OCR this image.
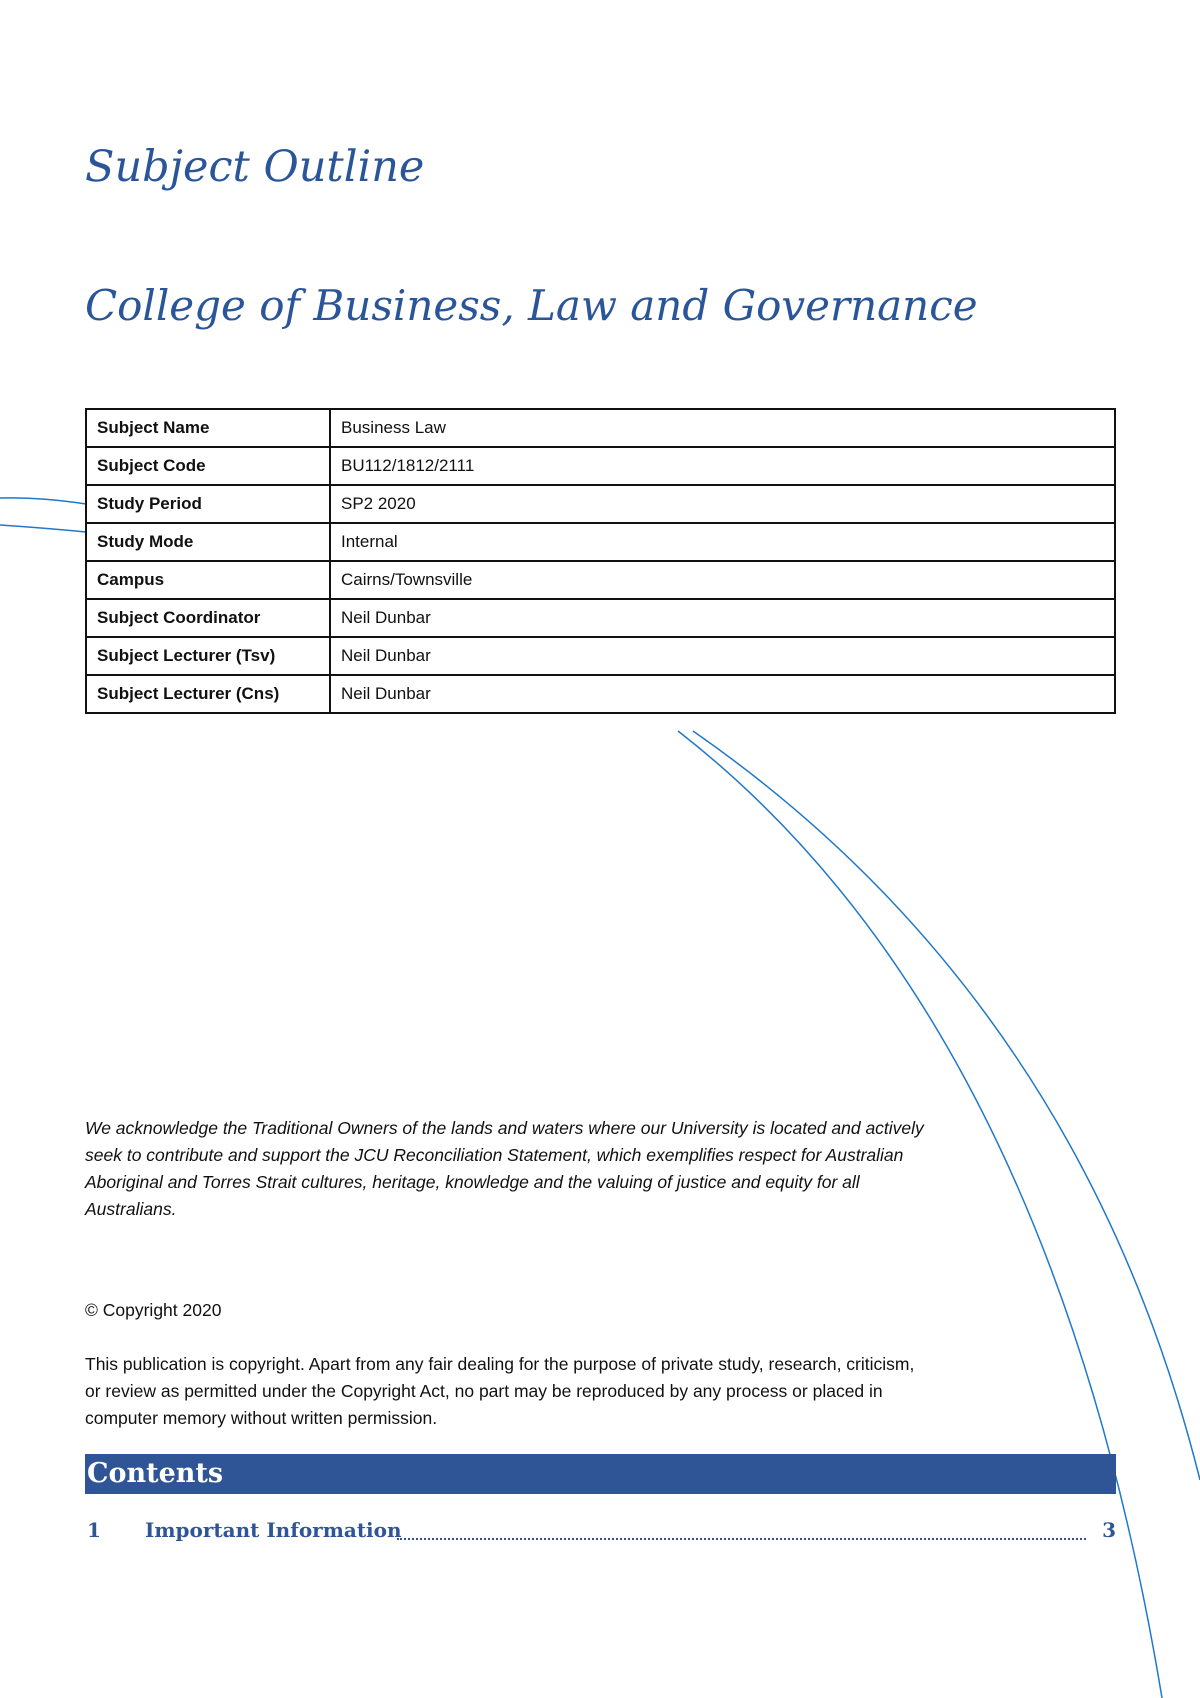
Subject Outline
College of Business, Law and Governance
Subject Name	Business Law
Subject Code	BU112/1812/2111
Study Period	SP2 2020
Study Mode	Internal
Campus	Cairns/Townsville
Subject Coordinator	Neil Dunbar
Subject Lecturer (Tsv)	Neil Dunbar
Subject Lecturer (Cns)	Neil Dunbar

We acknowledge the Traditional Owners of the lands and waters where our University is located and actively seek to contribute and support the JCU Reconciliation Statement, which exemplifies respect for Australian Aboriginal and Torres Strait cultures, heritage, knowledge and the valuing of justice and equity for all Australians.

© Copyright 2020

This publication is copyright. Apart from any fair dealing for the purpose of private study, research, criticism, or review as permitted under the Copyright Act, no part may be reproduced by any process or placed in computer memory without written permission.

Contents
1 Important Information	3
